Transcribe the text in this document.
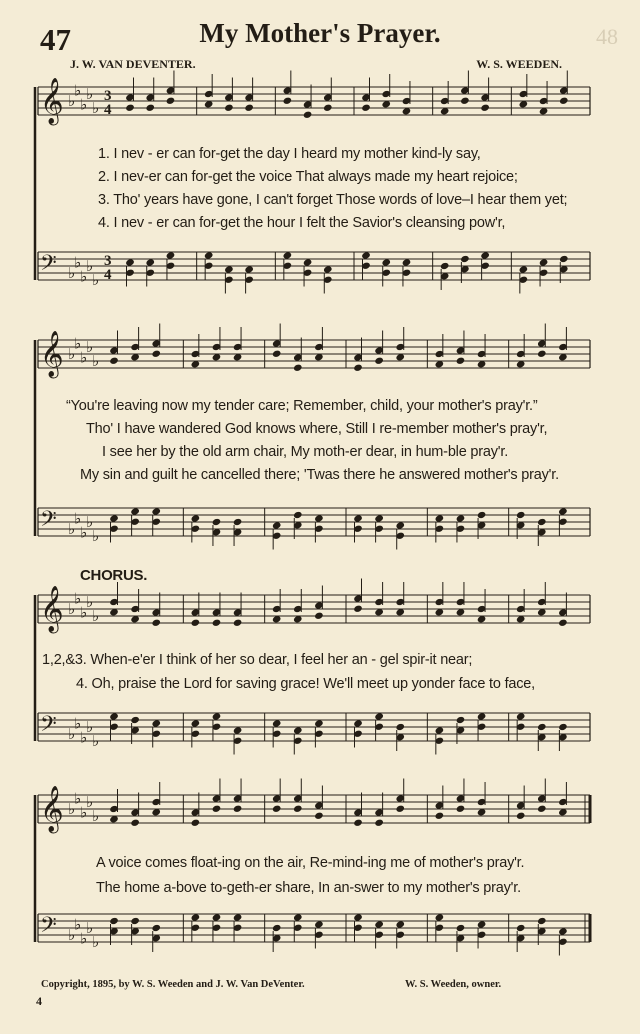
47	My Mother's Prayer.	48
J. W. VAN DEVENTER.	W. S. WEEDEN.
𝄞 ♭
♭
♭
♭
♭
3
4
𝄢 ♭
♭
♭
♭
♭
3
4
1. I nev - er can for-get the day I heard my mother kind-ly say,
2. I nev-er can for-get the voice That always made my heart rejoice;
3. Tho' years have gone, I can't forget Those words of love–I hear them yet;
4. I nev - er can for-get the hour I felt the Savior's cleansing pow'r,
𝄞 ♭
♭
♭
♭
♭
𝄢 ♭
♭
♭
♭
♭
“You're leaving now my tender care; Remember, child, your mother's pray'r.”
Tho' I have wandered God knows where, Still I re-member mother's pray'r,
I see her by the old arm chair, My moth-er dear, in hum-ble pray'r.
My sin and guilt he cancelled there; 'Twas there he answered mother's pray'r.
CHORUS.
𝄞 ♭
♭
♭
♭
♭
𝄢 ♭
♭
♭
♭
♭
1,2,&3. When-e'er I think of her so dear, I feel her an - gel spir-it near;
4. Oh, praise the Lord for saving grace! We'll meet up yonder face to face,
𝄞 ♭
♭
♭
♭
♭
𝄢 ♭
♭
♭
♭
♭
A voice comes float-ing on the air, Re-mind-ing me of mother's pray'r.
The home a-bove to-geth-er share, In an-swer to my mother's pray'r.
Copyright, 1895, by W. S. Weeden and J. W. Van DeVenter.	W. S. Weeden, owner.
4
